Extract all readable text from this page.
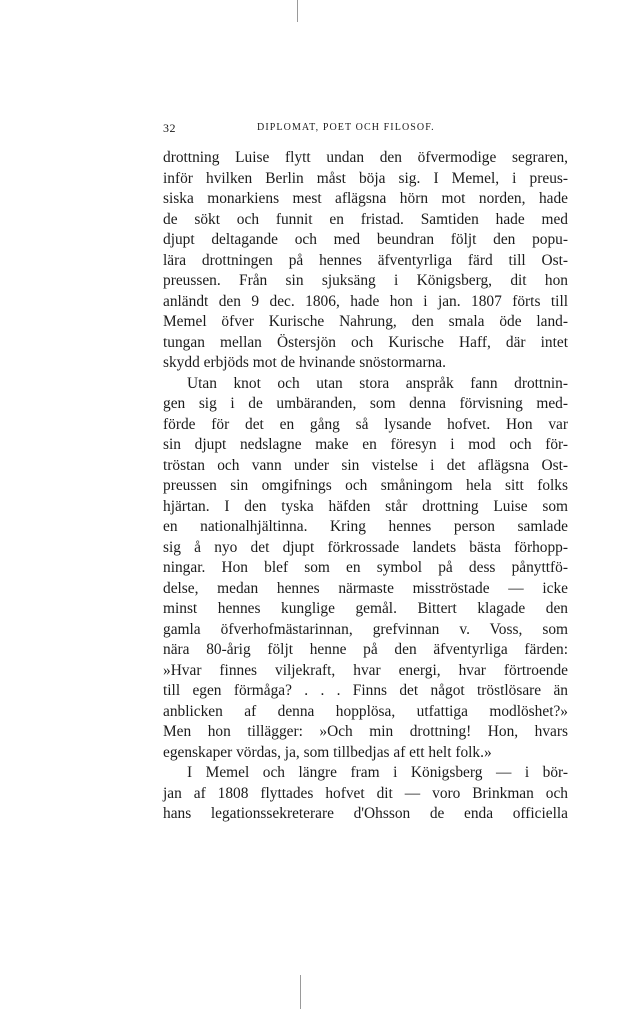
32	DIPLOMAT, POET OCH FILOSOF.
drottning Luise flytt undan den öfvermodige segraren,
inför hvilken Berlin måst böja sig. I Memel, i preus-
siska monarkiens mest aflägsna hörn mot norden, hade
de sökt och funnit en fristad. Samtiden hade med
djupt deltagande och med beundran följt den popu-
lära drottningen på hennes äfventyrliga färd till Ost-
preussen. Från sin sjuksäng i Königsberg, dit hon
anländt den 9 dec. 1806, hade hon i jan. 1807 förts till
Memel öfver Kurische Nahrung, den smala öde land-
tungan mellan Östersjön och Kurische Haff, där intet
skydd erbjöds mot de hvinande snöstormarna.
Utan knot och utan stora anspråk fann drottnin-
gen sig i de umbäranden, som denna förvisning med-
förde för det en gång så lysande hofvet. Hon var
sin djupt nedslagne make en föresyn i mod och för-
tröstan och vann under sin vistelse i det aflägsna Ost-
preussen sin omgifnings och småningom hela sitt folks
hjärtan. I den tyska häfden står drottning Luise som
en nationalhjältinna. Kring hennes person samlade
sig å nyo det djupt förkrossade landets bästa förhopp-
ningar. Hon blef som en symbol på dess pånyttfö-
delse, medan hennes närmaste misströstade — icke
minst hennes kunglige gemål. Bittert klagade den
gamla öfverhofmästarinnan, grefvinnan v. Voss, som
nära 80-årig följt henne på den äfventyrliga färden:
»Hvar finnes viljekraft, hvar energi, hvar förtroende
till egen förmåga? . . . Finns det något tröstlösare än
anblicken af denna hopplösa, utfattiga modlöshet?»
Men hon tillägger: »Och min drottning! Hon, hvars
egenskaper vördas, ja, som tillbedjas af ett helt folk.»
I Memel och längre fram i Königsberg — i bör-
jan af 1808 flyttades hofvet dit — voro Brinkman och
hans legationssekreterare d'Ohsson de enda officiella
